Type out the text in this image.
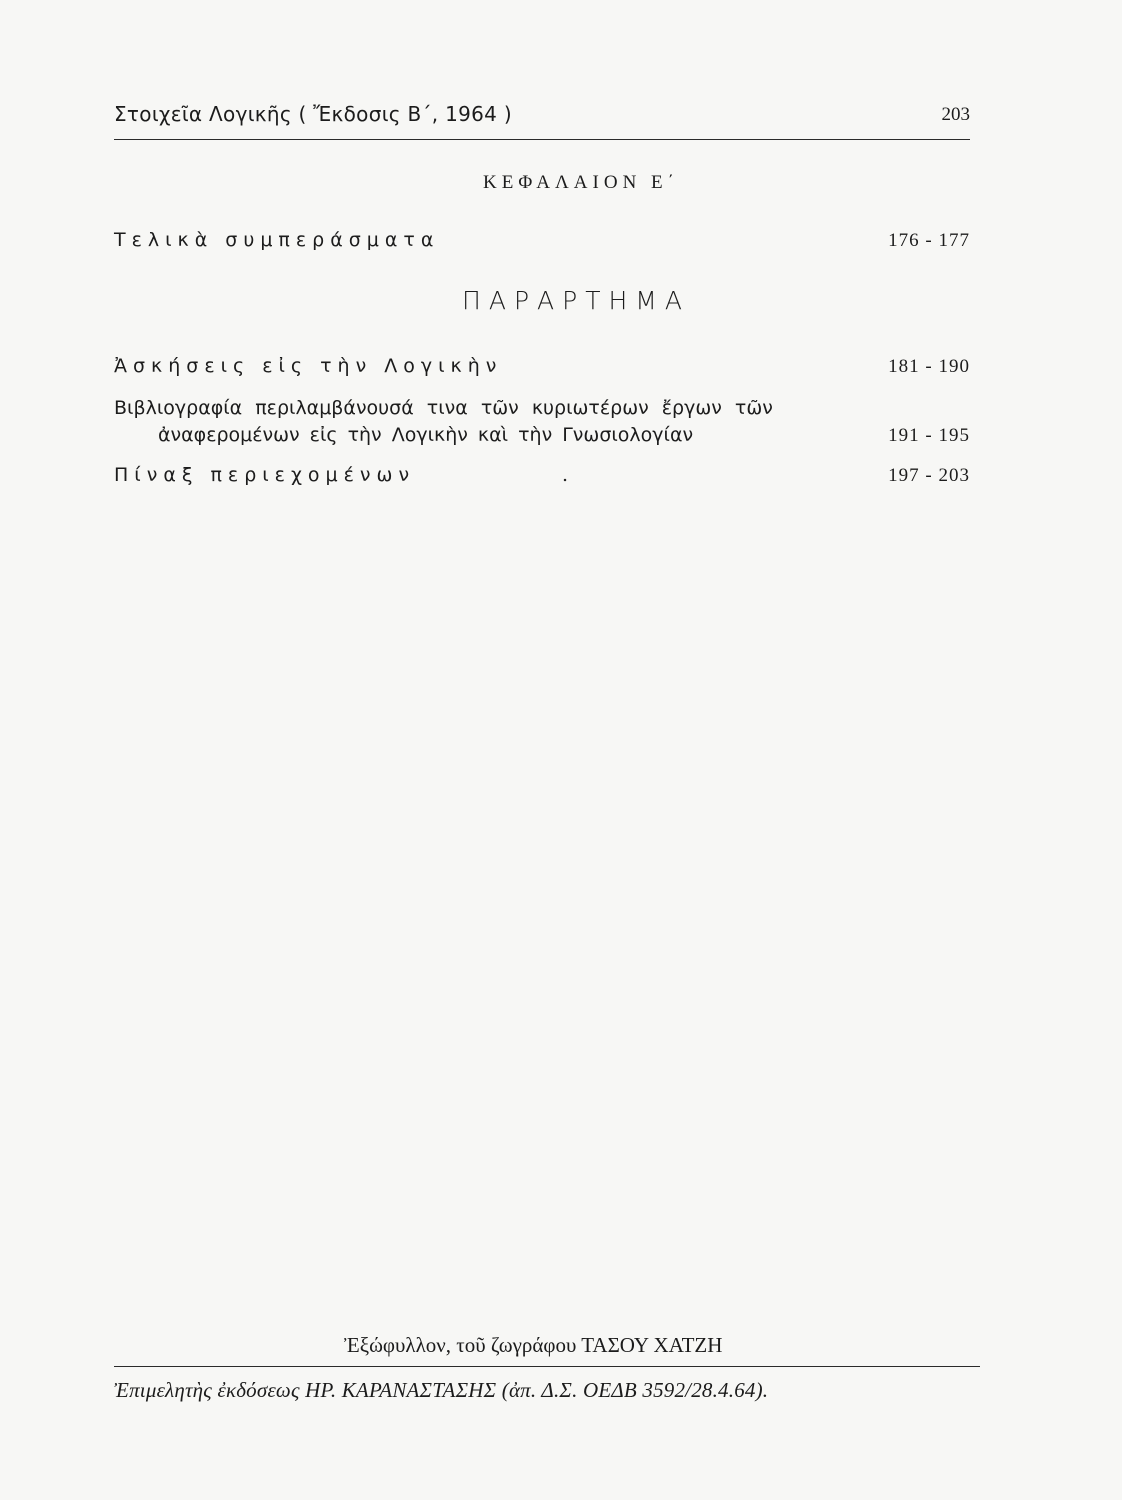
Στοιχεῖα Λογικῆς ( Ἔκδοσις Β΄, 1964 )	203
ΚΕΦΑΛΑΙΟΝ Ε΄
Τελικὰ συμπεράσματα	176 - 177
ΠΑΡΑΡΤΗΜΑ
Ἀσκήσεις εἰς τὴν Λογικὴν	181 - 190
Βιβλιογραφία περιλαμβάνουσά τινα τῶν κυριωτέρων ἔργων τῶν
ἀναφερομένων εἰς τὴν Λογικὴν καὶ τὴν Γνωσιολογίαν	191 - 195
Πίναξ περιεχομένων	.	197 - 203
Ἐξώφυλλον, τοῦ ζωγράφου ΤΑΣΟΥ ΧΑΤΖΗ
Ἐπιμελητὴς ἐκδόσεως ΗΡ. ΚΑΡΑΝΑΣΤΑΣΗΣ (ἀπ. Δ.Σ. ΟΕΔΒ 3592/28.4.64).
